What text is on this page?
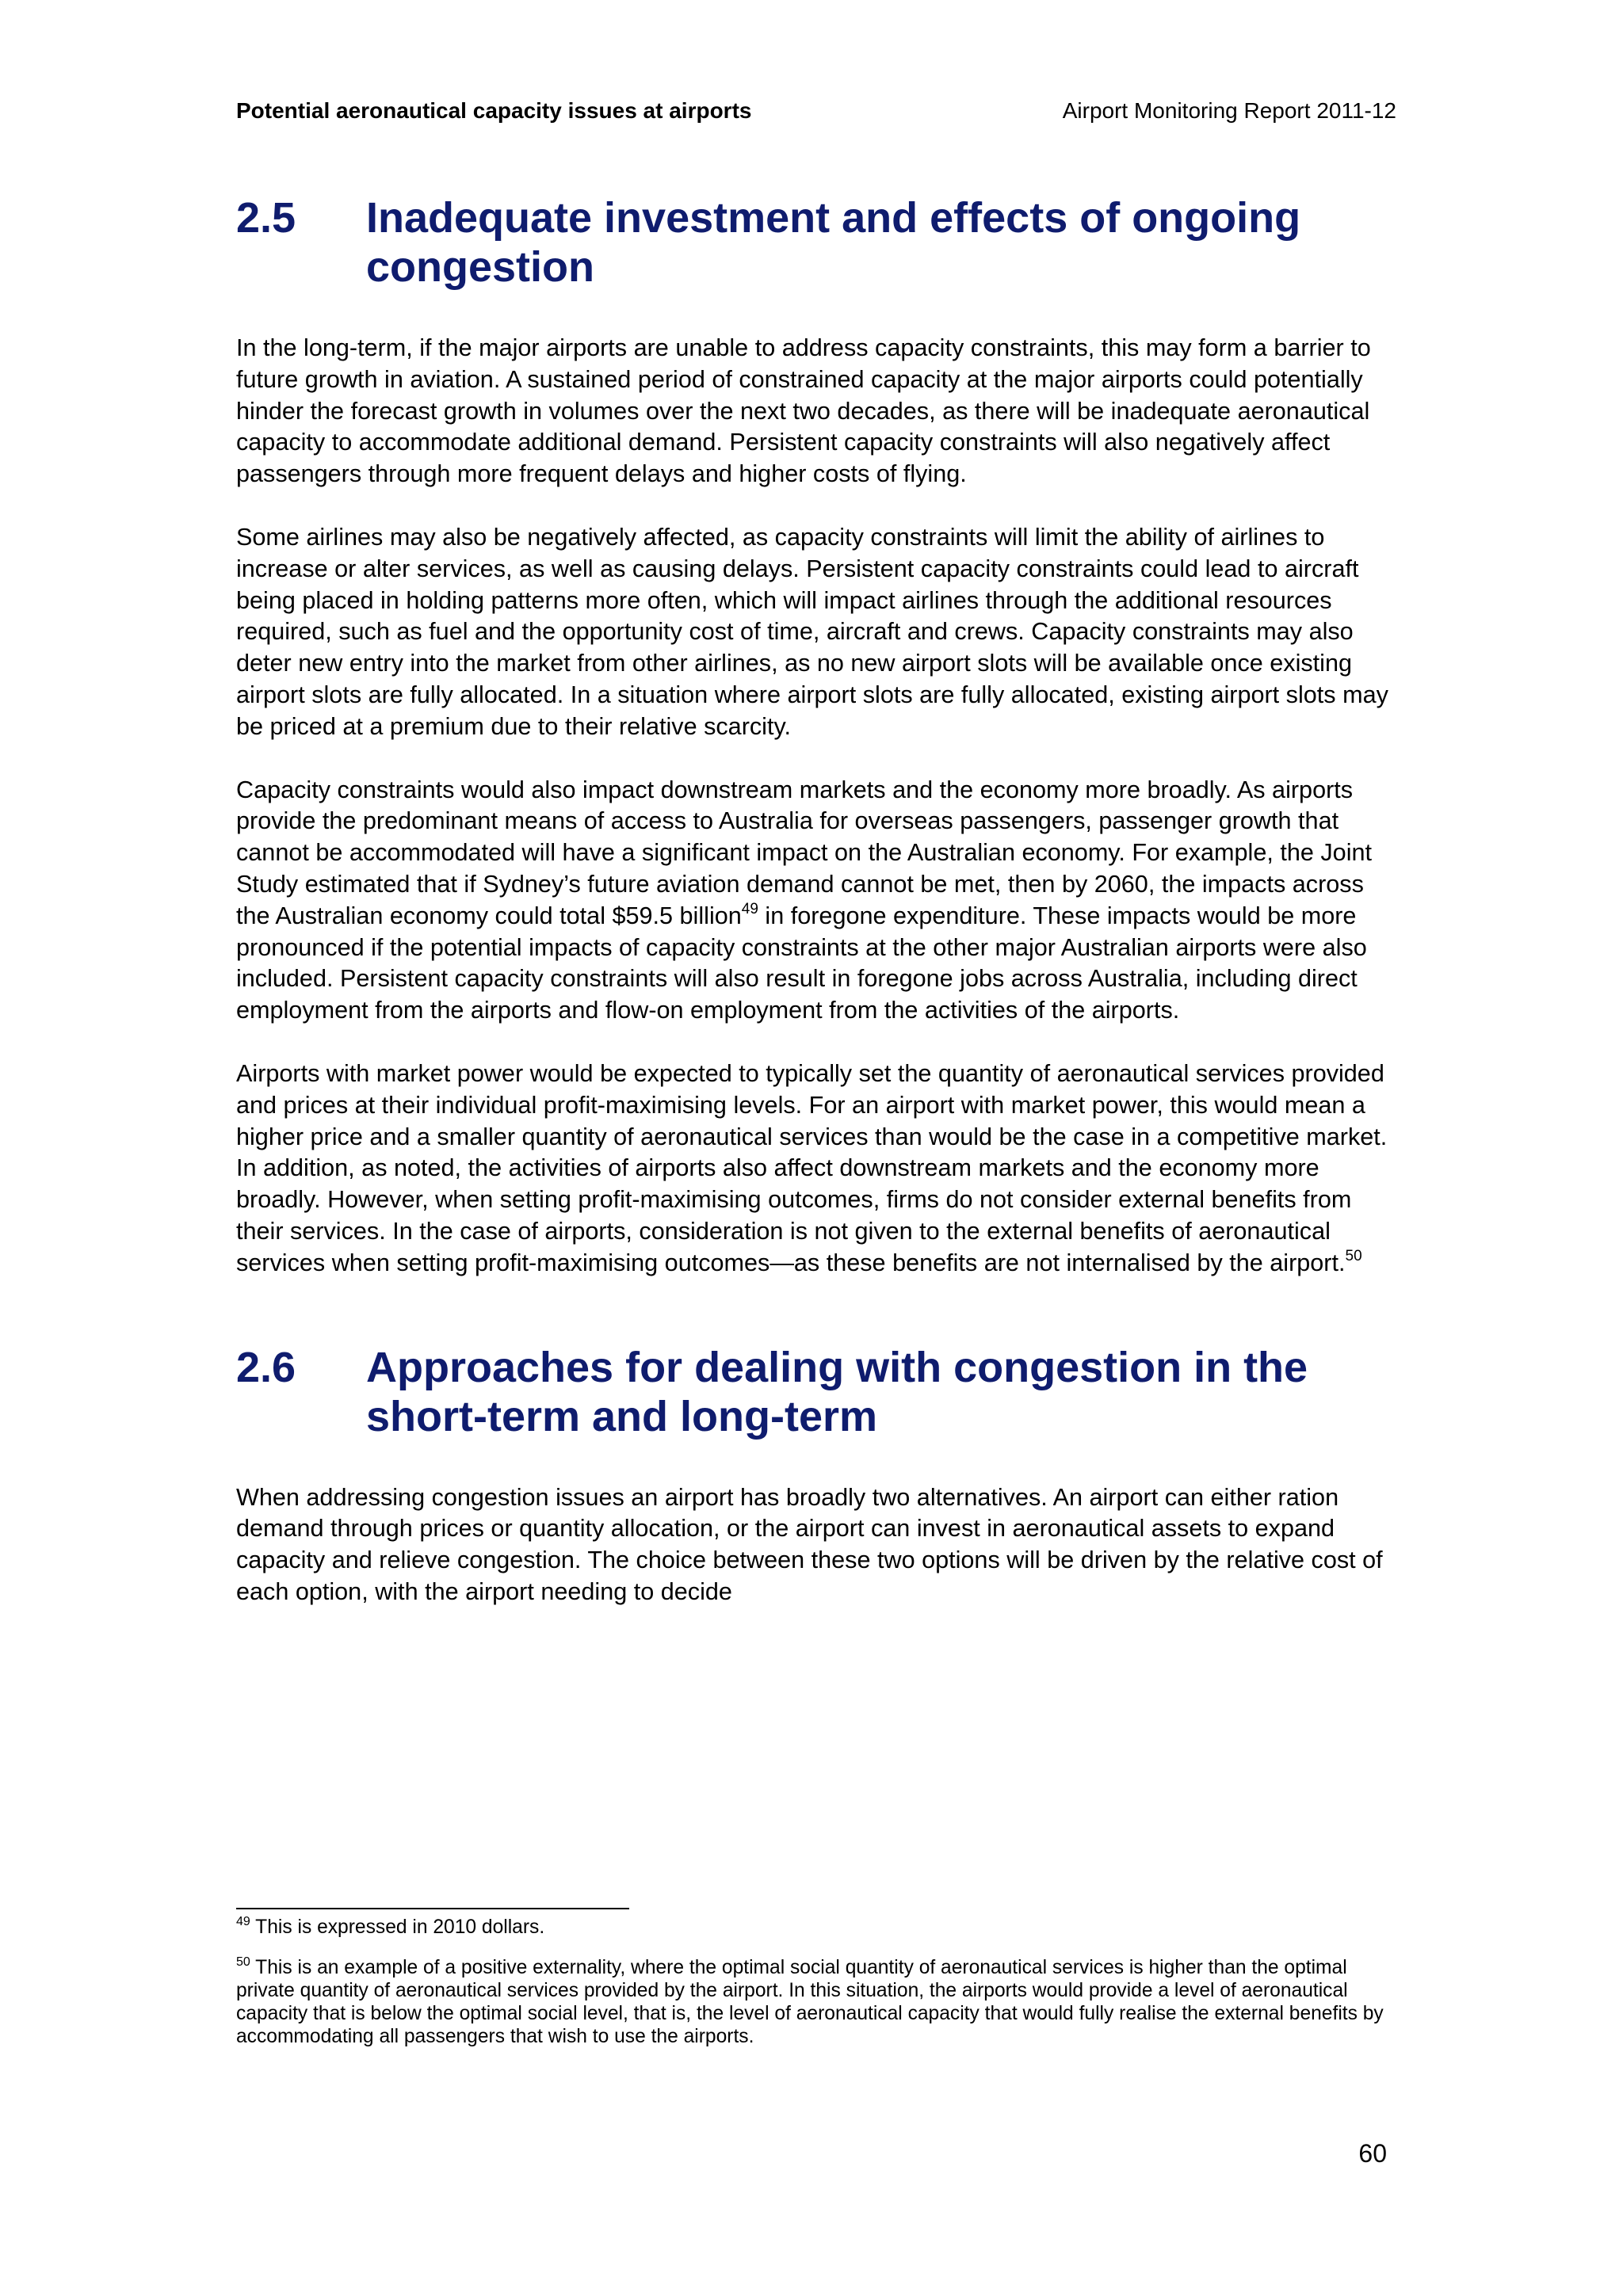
Potential aeronautical capacity issues at airports	Airport Monitoring Report 2011-12
2.5	Inadequate investment and effects of ongoing congestion

In the long-term, if the major airports are unable to address capacity constraints, this may form a barrier to future growth in aviation. A sustained period of constrained capacity at the major airports could potentially hinder the forecast growth in volumes over the next two decades, as there will be inadequate aeronautical capacity to accommodate additional demand. Persistent capacity constraints will also negatively affect passengers through more frequent delays and higher costs of flying.

Some airlines may also be negatively affected, as capacity constraints will limit the ability of airlines to increase or alter services, as well as causing delays. Persistent capacity constraints could lead to aircraft being placed in holding patterns more often, which will impact airlines through the additional resources required, such as fuel and the opportunity cost of time, aircraft and crews. Capacity constraints may also deter new entry into the market from other airlines, as no new airport slots will be available once existing airport slots are fully allocated. In a situation where airport slots are fully allocated, existing airport slots may be priced at a premium due to their relative scarcity.

Capacity constraints would also impact downstream markets and the economy more broadly. As airports provide the predominant means of access to Australia for overseas passengers, passenger growth that cannot be accommodated will have a significant impact on the Australian economy. For example, the Joint Study estimated that if Sydney’s future aviation demand cannot be met, then by 2060, the impacts across the Australian economy could total $59.5 billion$^{49}$ in foregone expenditure. These impacts would be more pronounced if the potential impacts of capacity constraints at the other major Australian airports were also included. Persistent capacity constraints will also result in foregone jobs across Australia, including direct employment from the airports and flow-on employment from the activities of the airports.

Airports with market power would be expected to typically set the quantity of aeronautical services provided and prices at their individual profit-maximising levels. For an airport with market power, this would mean a higher price and a smaller quantity of aeronautical services than would be the case in a competitive market. In addition, as noted, the activities of airports also affect downstream markets and the economy more broadly. However, when setting profit-maximising outcomes, firms do not consider external benefits from their services. In the case of airports, consideration is not given to the external benefits of aeronautical services when setting profit-maximising outcomes—as these benefits are not internalised by the airport.$^{50}$

2.6	Approaches for dealing with congestion in the short-term and long-term

When addressing congestion issues an airport has broadly two alternatives. An airport can either ration demand through prices or quantity allocation, or the airport can invest in aeronautical assets to expand capacity and relieve congestion. The choice between these two options will be driven by the relative cost of each option, with the airport needing to decide

$^{49}$ This is expressed in 2010 dollars.

$^{50}$ This is an example of a positive externality, where the optimal social quantity of aeronautical services is higher than the optimal private quantity of aeronautical services provided by the airport. In this situation, the airports would provide a level of aeronautical capacity that is below the optimal social level, that is, the level of aeronautical capacity that would fully realise the external benefits by accommodating all passengers that wish to use the airports.

60
